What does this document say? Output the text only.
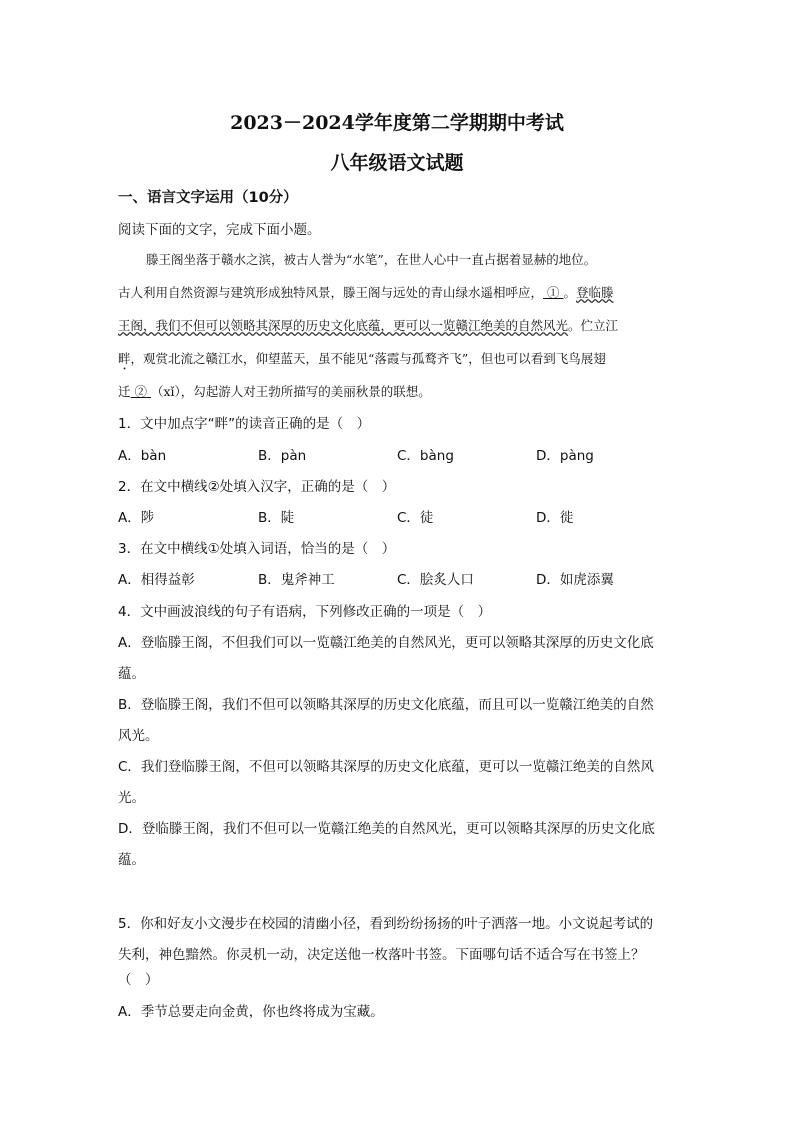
2023－2024学年度第二学期期中考试
八年级语文试题
一、语言文字运用（10分）
阅读下面的文字，完成下面小题。
滕王阁坐落于赣水之滨，被古人誉为“水笔”，在世人心中一直占据着显赫的地位。
古人利用自然资源与建筑形成独特风景，滕王阁与远处的青山绿水遥相呼应， ① 。登临滕
王阁，我们不但可以领略其深厚的历史文化底蕴，更可以一览赣江绝美的自然风光。伫立江
畔，观赏北流之赣江水，仰望蓝天，虽不能见“落霞与孤鹜齐飞”，但也可以看到飞鸟展翅
迁 ② （xǐ），勾起游人对王勃所描写的美丽秋景的联想。
1．文中加点字“畔”的读音正确的是（　）
A．bàn	B．pàn	C．bàng	D．pàng
2．在文中横线②处填入汉字，正确的是（　）
A．陟	B．陡	C．徒	D．徙
3．在文中横线①处填入词语，恰当的是（　）
A．相得益彰	B．鬼斧神工	C．脍炙人口	D．如虎添翼
4．文中画波浪线的句子有语病，下列修改正确的一项是（　）
A．登临滕王阁，不但我们可以一览赣江绝美的自然风光，更可以领略其深厚的历史文化底
蕴。
B．登临滕王阁，我们不但可以领略其深厚的历史文化底蕴，而且可以一览赣江绝美的自然
风光。
C．我们登临滕王阁，不但可以领略其深厚的历史文化底蕴，更可以一览赣江绝美的自然风
光。
D．登临滕王阁，我们不但可以一览赣江绝美的自然风光，更可以领略其深厚的历史文化底
蕴。
5．你和好友小文漫步在校园的清幽小径，看到纷纷扬扬的叶子洒落一地。小文说起考试的
失利，神色黯然。你灵机一动，决定送他一枚落叶书签。下面哪句话不适合写在书签上？
（　）
A．季节总要走向金黄，你也终将成为宝藏。
